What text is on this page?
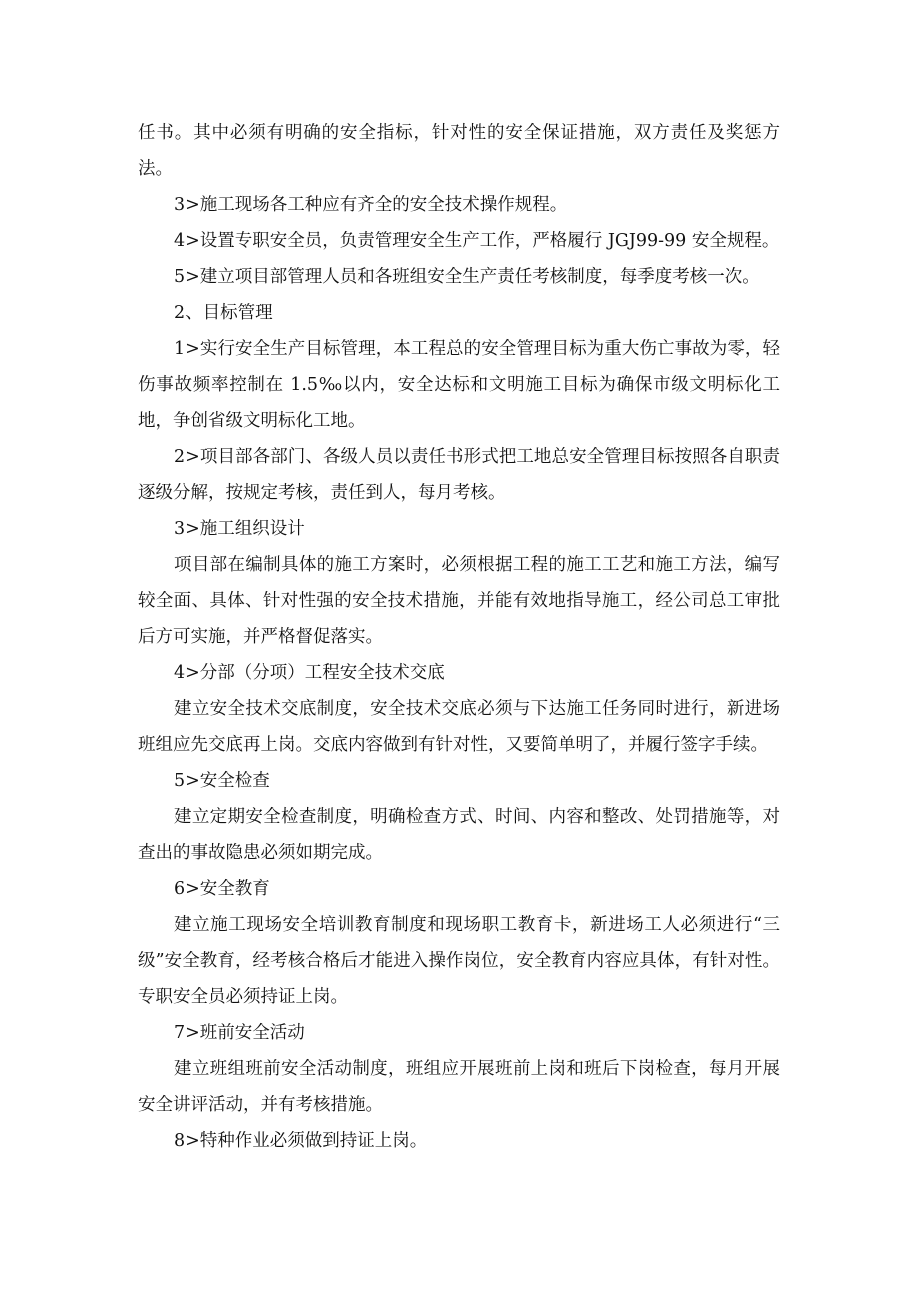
任书。其中必须有明确的安全指标，针对性的安全保证措施，双方责任及奖惩方法。

3>施工现场各工种应有齐全的安全技术操作规程。

4>设置专职安全员，负责管理安全生产工作，严格履行 JGJ99-99 安全规程。

5>建立项目部管理人员和各班组安全生产责任考核制度，每季度考核一次。

2、目标管理

1>实行安全生产目标管理，本工程总的安全管理目标为重大伤亡事故为零，轻伤事故频率控制在 1.5‰以内，安全达标和文明施工目标为确保市级文明标化工地，争创省级文明标化工地。

2>项目部各部门、各级人员以责任书形式把工地总安全管理目标按照各自职责逐级分解，按规定考核，责任到人，每月考核。

3>施工组织设计

项目部在编制具体的施工方案时，必须根据工程的施工工艺和施工方法，编写较全面、具体、针对性强的安全技术措施，并能有效地指导施工，经公司总工审批后方可实施，并严格督促落实。

4>分部（分项）工程安全技术交底

建立安全技术交底制度，安全技术交底必须与下达施工任务同时进行，新进场班组应先交底再上岗。交底内容做到有针对性，又要简单明了，并履行签字手续。

5>安全检查

建立定期安全检查制度，明确检查方式、时间、内容和整改、处罚措施等，对查出的事故隐患必须如期完成。

6>安全教育

建立施工现场安全培训教育制度和现场职工教育卡，新进场工人必须进行“三级”安全教育，经考核合格后才能进入操作岗位，安全教育内容应具体，有针对性。专职安全员必须持证上岗。

7>班前安全活动

建立班组班前安全活动制度，班组应开展班前上岗和班后下岗检查，每月开展安全讲评活动，并有考核措施。

8>特种作业必须做到持证上岗。
